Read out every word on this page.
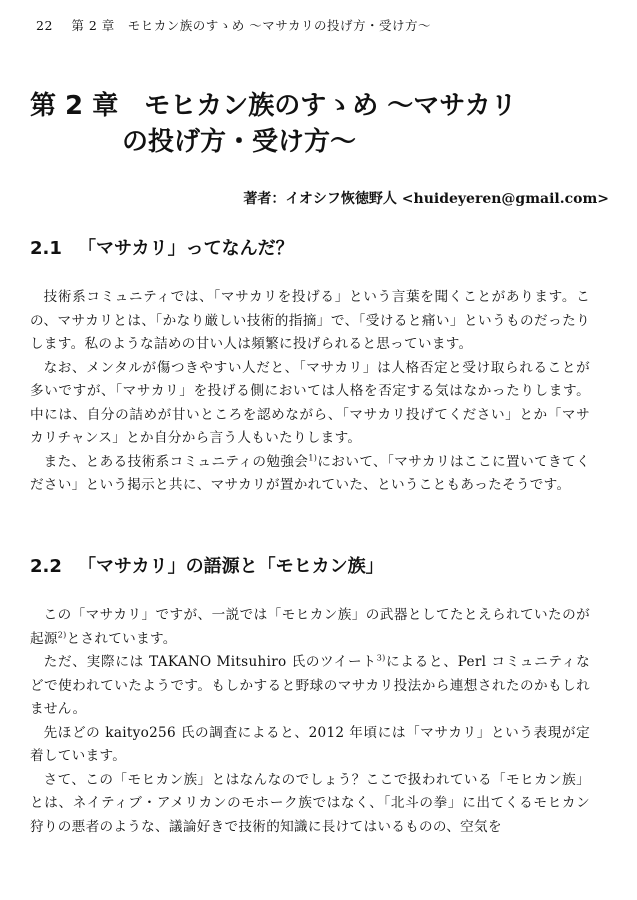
22 第 2 章　モヒカン族のすゝめ 〜マサカリの投げ方・受け方〜
第 2 章　モヒカン族のすゝめ 〜マサカリ
の投げ方・受け方〜
著者：イオシフ恢徳野人 <huideyeren@gmail.com>
2.1 「マサカリ」ってなんだ？

技術系コミュニティでは、「マサカリを投げる」という言葉を聞くことがあります。この、マサカリとは、「かなり厳しい技術的指摘」で、「受けると痛い」というものだったりします。私のような詰めの甘い人は頻繁に投げられると思っています。

なお、メンタルが傷つきやすい人だと、「マサカリ」は人格否定と受け取られることが多いですが、「マサカリ」を投げる側においては人格を否定する気はなかったりします。中には、自分の詰めが甘いところを認めながら、「マサカリ投げてください」とか「マサカリチャンス」とか自分から言う人もいたりします。

また、とある技術系コミュニティの勉強会$^{1)}$において、「マサカリはここに置いてきてください」という掲示と共に、マサカリが置かれていた、ということもあったそうです。

2.2 「マサカリ」の語源と「モヒカン族」

この「マサカリ」ですが、一説では「モヒカン族」の武器としてたとえられていたのが起源$^{2)}$とされています。

ただ、実際には TAKANO Mitsuhiro 氏のツイート$^{3)}$によると、Perl コミュニティなどで使われていたようです。もしかすると野球のマサカリ投法から連想されたのかもしれません。

先ほどの kaityo256 氏の調査によると、2012 年頃には「マサカリ」という表現が定着しています。

さて、この「モヒカン族」とはなんなのでしょう？ここで扱われている「モヒカン族」とは、ネイティブ・アメリカンのモホーク族ではなく、「北斗の拳」に出てくるモヒカン狩りの悪者のような、議論好きで技術的知識に長けてはいるものの、空気を
